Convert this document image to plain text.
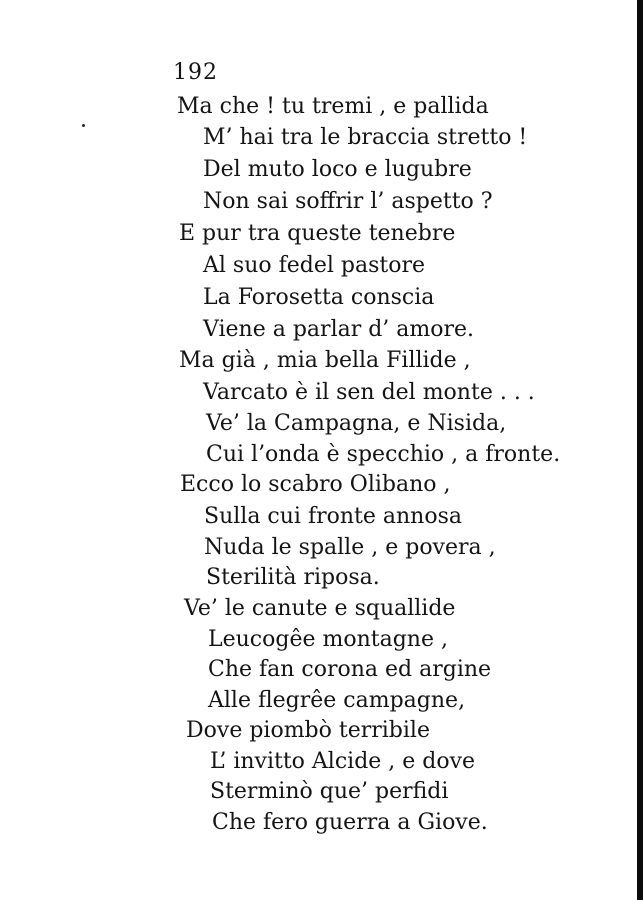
192
Ma che ! tu tremi , e pallida
M’ hai tra le braccia stretto !
Del muto loco e lugubre
Non sai soffrir l’ aspetto ?
E pur tra queste tenebre
Al suo fedel pastore
La Forosetta conscia
Viene a parlar d’ amore.
Ma già , mia bella Fillide ,
Varcato è il sen del monte . . .
Ve’ la Campagna, e Nisida,
Cui l’onda è specchio , a fronte.
Ecco lo scabro Olibano ,
Sulla cui fronte annosa
Nuda le spalle , e povera ,
Sterilità riposa.
Ve’ le canute e squallide
Leucogêe montagne ,
Che fan corona ed argine
Alle flegrêe campagne,
Dove piombò terribile
L’ invitto Alcide , e dove
Sterminò que’ perfidi
Che fero guerra a Giove.
